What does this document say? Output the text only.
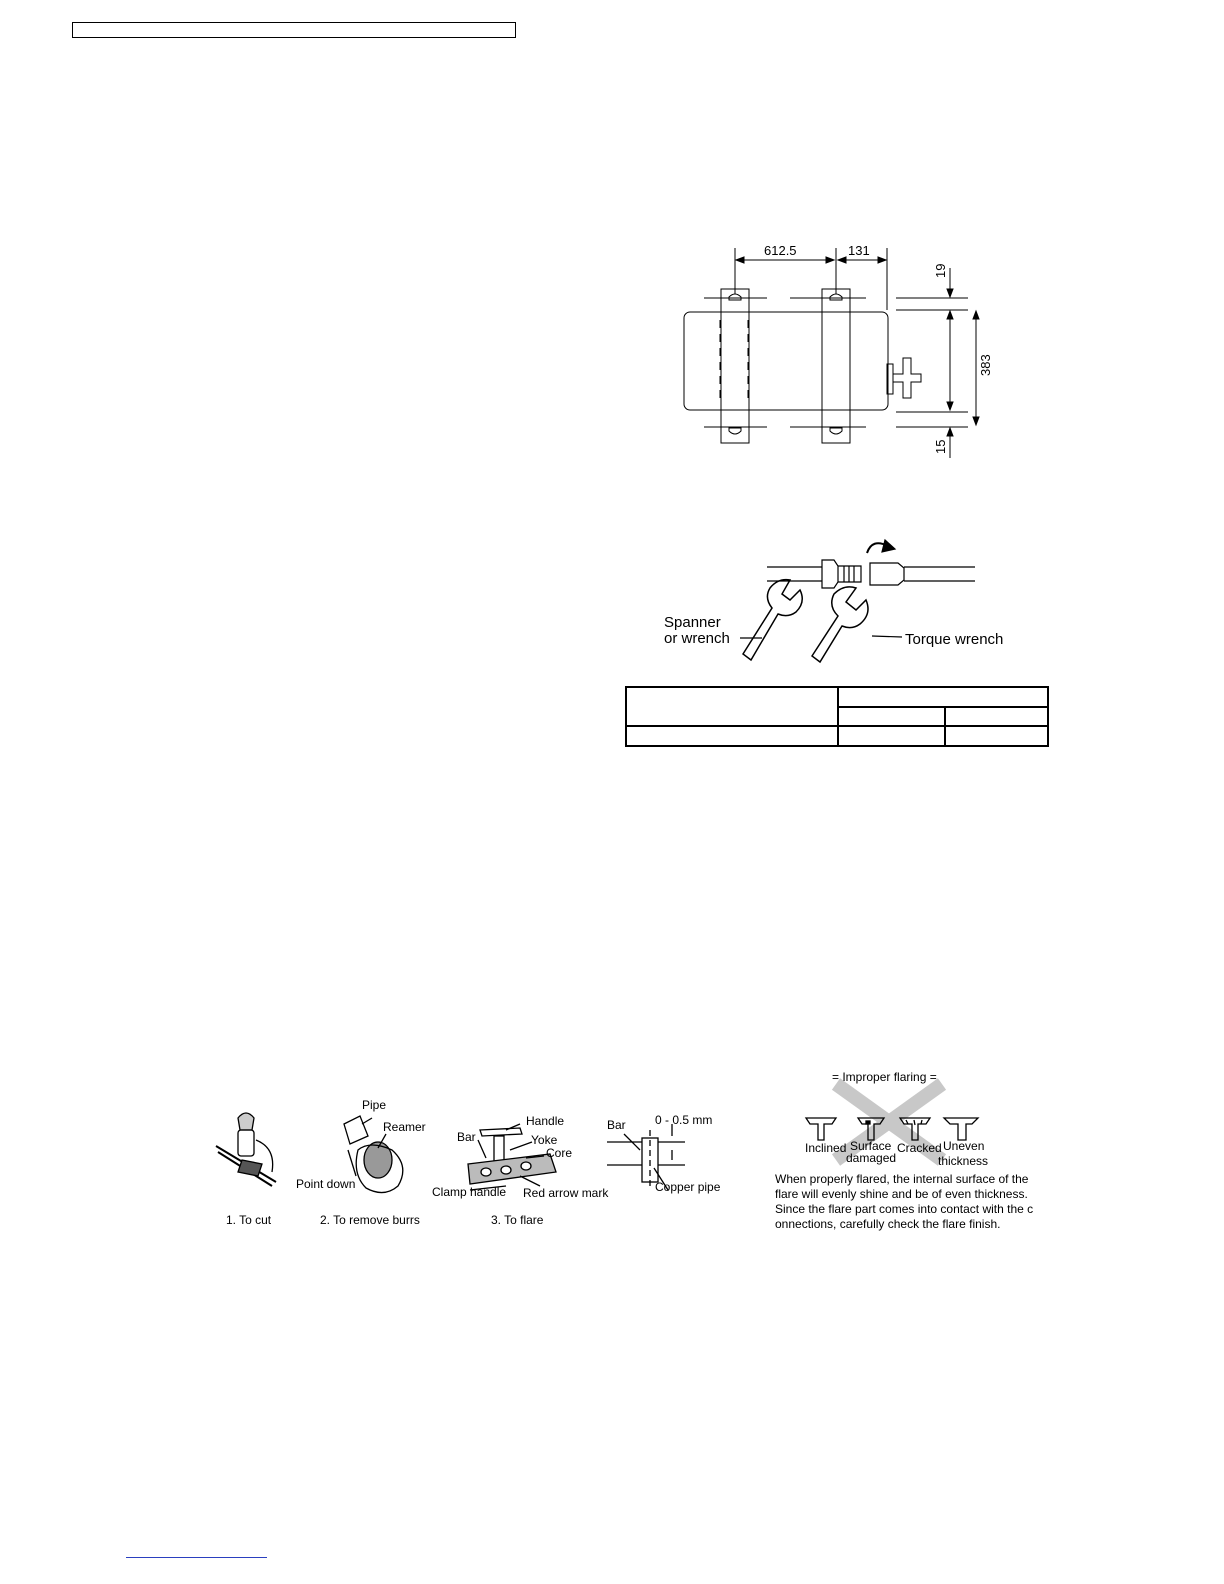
612.5	131
19
383
15
Spanner
or wrench	Torque wrench

Pipe
Reamer
Point down
Handle
Bar	Yoke
Core
Clamp handle Red arrow mark
Bar 0 - 0.5 mm
Copper pipe
1. To cut	2. To remove burrs	3. To flare
= Improper flaring =
Inclined Surface
damaged
Cracked Uneven
thickness
When properly flared, the internal surface of the
flare will evenly shine and be of even thickness.
Since the flare part comes into contact with the c
onnections, carefully check the flare finish.
